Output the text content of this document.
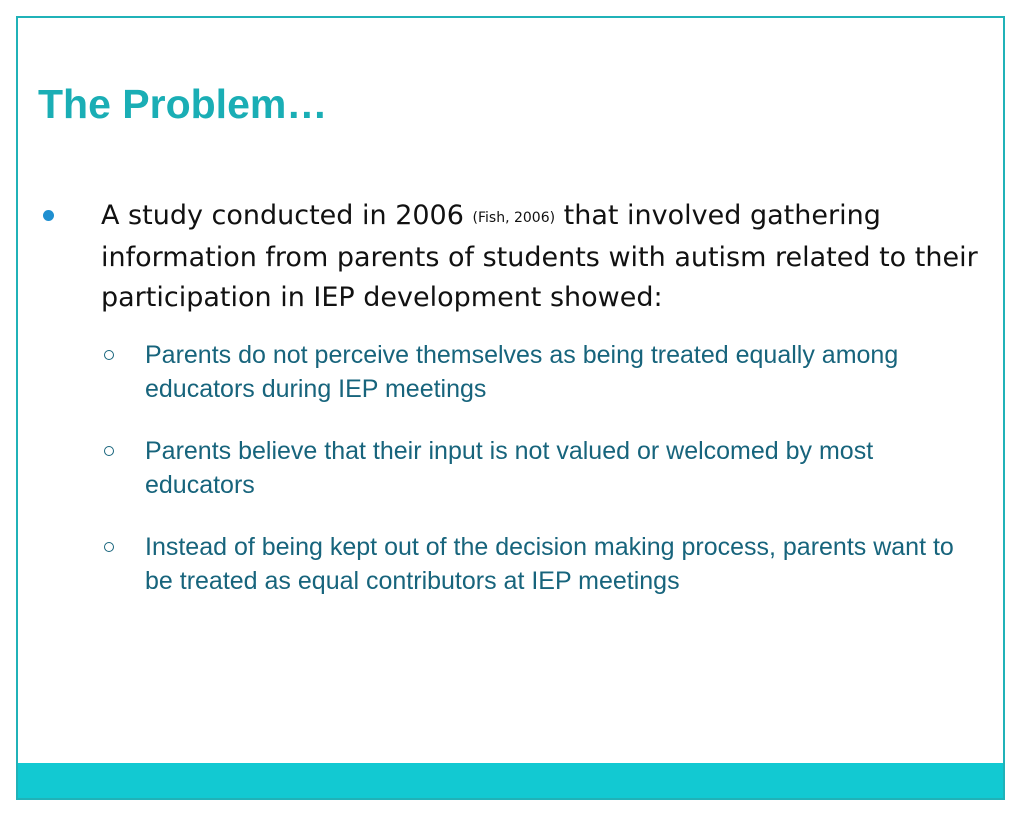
The Problem…

A study conducted in 2006 (Fish, 2006) that involved gathering information from parents of students with autism related to their participation in IEP development showed:

Parents do not perceive themselves as being treated equally among educators during IEP meetings
Parents believe that their input is not valued or welcomed by most educators
Instead of being kept out of the decision making process, parents want to be treated as equal contributors at IEP meetings
